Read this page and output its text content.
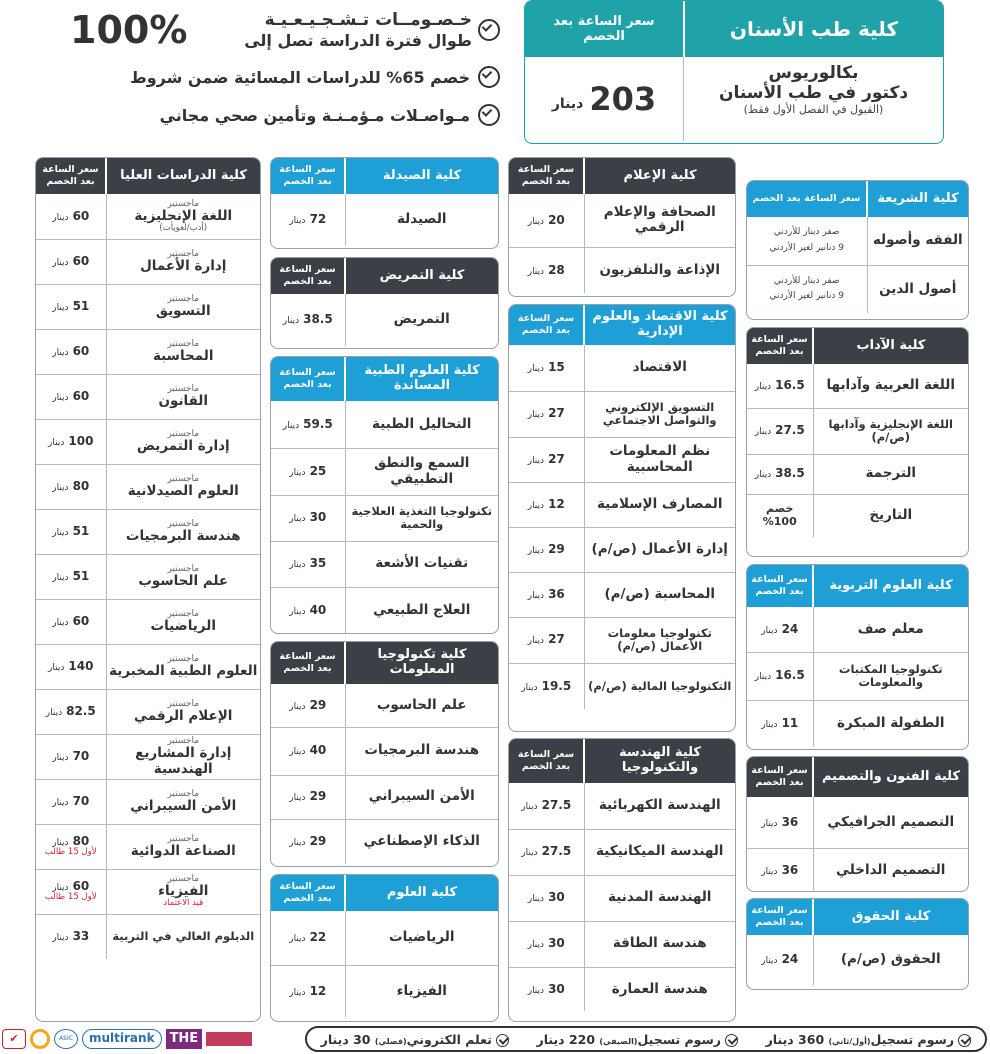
خـصـومــات تـشـجـيـعـيـة
طوال فترة الدراسة تصل إلى
100%
خصم 65% للدراسات المسائية ضمن شروط
مـواصـلات مـؤمـنـة وتأمين صحي مجاني
كلية طب الأسنان
سعر الساعة بعد الخصم
بكالوريوس
دكتور في طب الأسنان
(القبول في الفصل الأول فقط)
203
دينار
كلية الدراسات العليا	سعر الساعة بعد الخصم

ماجستير
اللغة الإنجليزية
(أدب/لغويات)	60 دينار

ماجستير
إدارة الأعمال	60 دينار

ماجستير
التسويق	51 دينار

ماجستير
المحاسبة	60 دينار

ماجستير
القانون	60 دينار

ماجستير
إدارة التمريض	100 دينار

ماجستير
العلوم الصيدلانية	80 دينار

ماجستير
هندسة البرمجيات	51 دينار

ماجستير
علم الحاسوب	51 دينار

ماجستير
الرياضيات	60 دينار

ماجستير
العلوم الطبية المخبرية	140 دينار

ماجستير
الإعلام الرقمي	82.5 دينار

ماجستير
إدارة المشاريع الهندسية	70 دينار

ماجستير
الأمن السيبراني	70 دينار

ماجستير
الصناعة الدوائية	80 دينار
لأول 15 طالب

ماجستير
الفيزياء
قيد الاعتماد	60 دينار
لأول 15 طالب

الدبلوم العالي في التربية	33 دينار
كلية الصيدلة	سعر الساعة بعد الخصم
الصيدلة	72 دينار
كلية التمريض	سعر الساعة بعد الخصم
التمريض	38.5 دينار
كلية العلوم الطبية المساندة	سعر الساعة بعد الخصم
التحاليل الطبية	59.5 دينار
السمع والنطق التطبيقي	25 دينار
تكنولوجيا التغذية العلاجية والحمية	30 دينار
تقنيات الأشعة	35 دينار
العلاج الطبيعي	40 دينار
كلية تكنولوجيا المعلومات	سعر الساعة بعد الخصم
علم الحاسوب	29 دينار
هندسة البرمجيات	40 دينار
الأمن السيبراني	29 دينار
الذكاء الإصطناعي	29 دينار
كلية العلوم	سعر الساعة بعد الخصم
الرياضيات	22 دينار
الفيزياء	12 دينار
كلية الإعلام	سعر الساعة بعد الخصم
الصحافة والإعلام الرقمي	20 دينار
الإذاعة والتلفزيون	28 دينار
كلية الاقتصاد والعلوم الإدارية	سعر الساعة بعد الخصم
الاقتصاد	15 دينار
التسويق الإلكتروني والتواصل الاجتماعي	27 دينار
نظم المعلومات المحاسبية	27 دينار
المصارف الإسلامية	12 دينار
إدارة الأعمال (ص/م)	29 دينار
المحاسبة (ص/م)	36 دينار
تكنولوجيا معلومات الأعمال (ص/م)	27 دينار
التكنولوجيا المالية (ص/م)	19.5 دينار
كلية الهندسة والتكنولوجيا	سعر الساعة بعد الخصم
الهندسة الكهربائية	27.5 دينار
الهندسة الميكانيكية	27.5 دينار
الهندسة المدنية	30 دينار
هندسة الطاقة	30 دينار
هندسة العمارة	30 دينار
كلية الشريعة	سعر الساعة بعد الخصم
الفقه وأصوله	صفر دينار للأردني
9 دنانير لغير الأردني
أصول الدين	صفر دينار للأردني
9 دنانير لغير الأردني
كلية الآداب	سعر الساعة بعد الخصم
اللغة العربية وآدابها	16.5 دينار
اللغة الإنجليزية وآدابها (ص/م)	27.5 دينار
الترجمة	38.5 دينار
التاريخ	خصم 100%
كلية العلوم التربوية	سعر الساعة بعد الخصم
معلم صف	24 دينار
تكنولوجيا المكتبات والمعلومات	16.5 دينار
الطفولة المبكرة	11 دينار
كلية الفنون والتصميم	سعر الساعة بعد الخصم
التصميم الجرافيكي	36 دينار
التصميم الداخلي	36 دينار
كلية الحقوق	سعر الساعة بعد الخصم
الحقوق (ص/م)	24 دينار
رسوم تسجيل(أول/ثاني) 360 دينار
رسوم تسجيل(الصيفي) 220 دينار
تعلم الكتروني(فصلي) 30 دينار
✔	ASIC	multirank	THE
